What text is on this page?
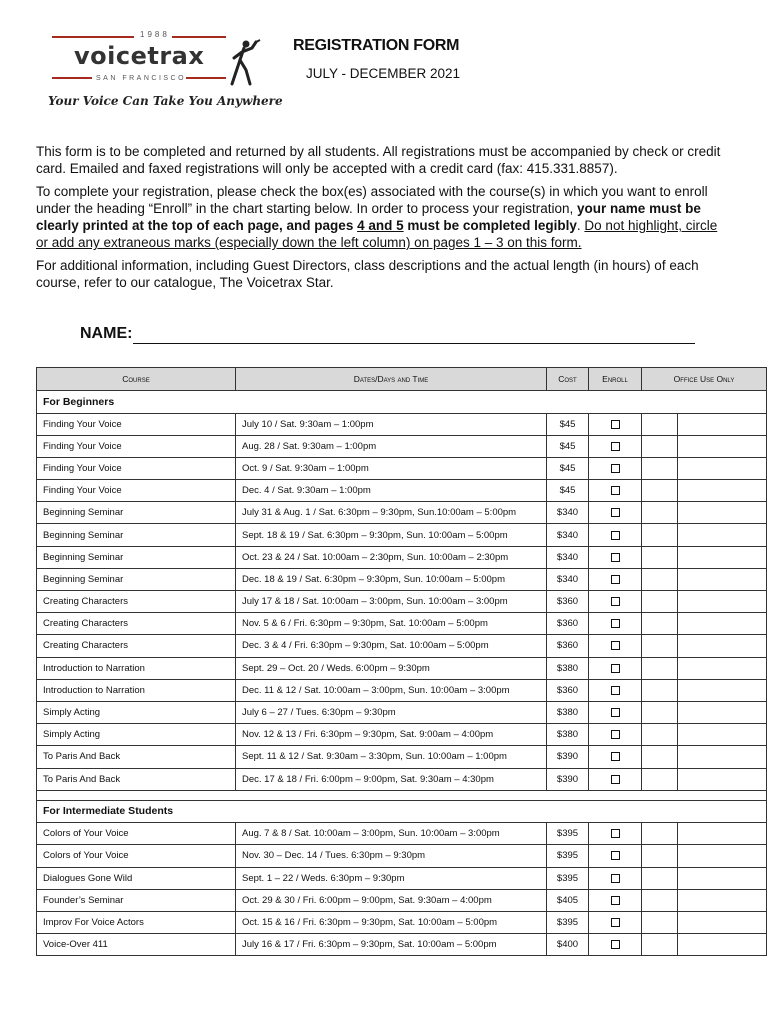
1988
voicetrax
SAN FRANCISCO
Your Voice Can Take You Anywhere
REGISTRATION FORM
JULY - DECEMBER 2021

This form is to be completed and returned by all students. All registrations must be accompanied by check or credit card. Emailed and faxed registrations will only be accepted with a credit card (fax: 415.331.8857).

To complete your registration, please check the box(es) associated with the course(s) in which you want to enroll under the heading “Enroll” in the chart starting below. In order to process your registration, your name must be clearly printed at the top of each page, and pages 4 and 5 must be completed legibly. Do not highlight, circle or add any extraneous marks (especially down the left column) on pages 1 – 3 on this form.

For additional information, including Guest Directors, class descriptions and the actual length (in hours) of each course, refer to our catalogue, The Voicetrax Star.

NAME:
Course	Dates/Days and Time	Cost	Enroll	Office Use Only	
For Beginners					
Finding Your Voice	July 10 / Sat. 9:30am – 1:00pm	$45			
Finding Your Voice	Aug. 28 / Sat. 9:30am – 1:00pm	$45			
Finding Your Voice	Oct. 9 / Sat. 9:30am – 1:00pm	$45			
Finding Your Voice	Dec. 4 / Sat. 9:30am – 1:00pm	$45			
Beginning Seminar	July 31 & Aug. 1 / Sat. 6:30pm – 9:30pm, Sun.10:00am – 5:00pm	$340			
Beginning Seminar	Sept. 18 & 19 / Sat. 6:30pm – 9:30pm, Sun. 10:00am – 5:00pm	$340			
Beginning Seminar	Oct. 23 & 24 / Sat. 10:00am – 2:30pm, Sun. 10:00am – 2:30pm	$340			
Beginning Seminar	Dec. 18 & 19 / Sat. 6:30pm – 9:30pm, Sun. 10:00am – 5:00pm	$340			
Creating Characters	July 17 & 18 / Sat. 10:00am – 3:00pm, Sun. 10:00am – 3:00pm	$360			
Creating Characters	Nov. 5 & 6 / Fri. 6:30pm – 9:30pm, Sat. 10:00am – 5:00pm	$360			
Creating Characters	Dec. 3 & 4 / Fri. 6:30pm – 9:30pm, Sat. 10:00am – 5:00pm	$360			
Introduction to Narration	Sept. 29 – Oct. 20 / Weds. 6:00pm – 9:30pm	$380			
Introduction to Narration	Dec. 11 & 12 / Sat. 10:00am – 3:00pm, Sun. 10:00am – 3:00pm	$360			
Simply Acting	July 6 – 27 / Tues. 6:30pm – 9:30pm	$380			
Simply Acting	Nov. 12 & 13 / Fri. 6:30pm – 9:30pm, Sat. 9:00am – 4:00pm	$380			
To Paris And Back	Sept. 11 & 12 / Sat. 9:30am – 3:30pm, Sun. 10:00am – 1:00pm	$390			
To Paris And Back	Dec. 17 & 18 / Fri. 6:00pm – 9:00pm, Sat. 9:30am – 4:30pm	$390			

For Intermediate Students					
Colors of Your Voice	Aug. 7 & 8 / Sat. 10:00am – 3:00pm, Sun. 10:00am – 3:00pm	$395			
Colors of Your Voice	Nov. 30 – Dec. 14 / Tues. 6:30pm – 9:30pm	$395			
Dialogues Gone Wild	Sept. 1 – 22 / Weds. 6:30pm – 9:30pm	$395			
Founder’s Seminar	Oct. 29 & 30 / Fri. 6:00pm – 9:00pm, Sat. 9:30am – 4:00pm	$405			
Improv For Voice Actors	Oct. 15 & 16 / Fri. 6:30pm – 9:30pm, Sat. 10:00am – 5:00pm	$395			
Voice-Over 411	July 16 & 17 / Fri. 6:30pm – 9:30pm, Sat. 10:00am – 5:00pm	$400			
